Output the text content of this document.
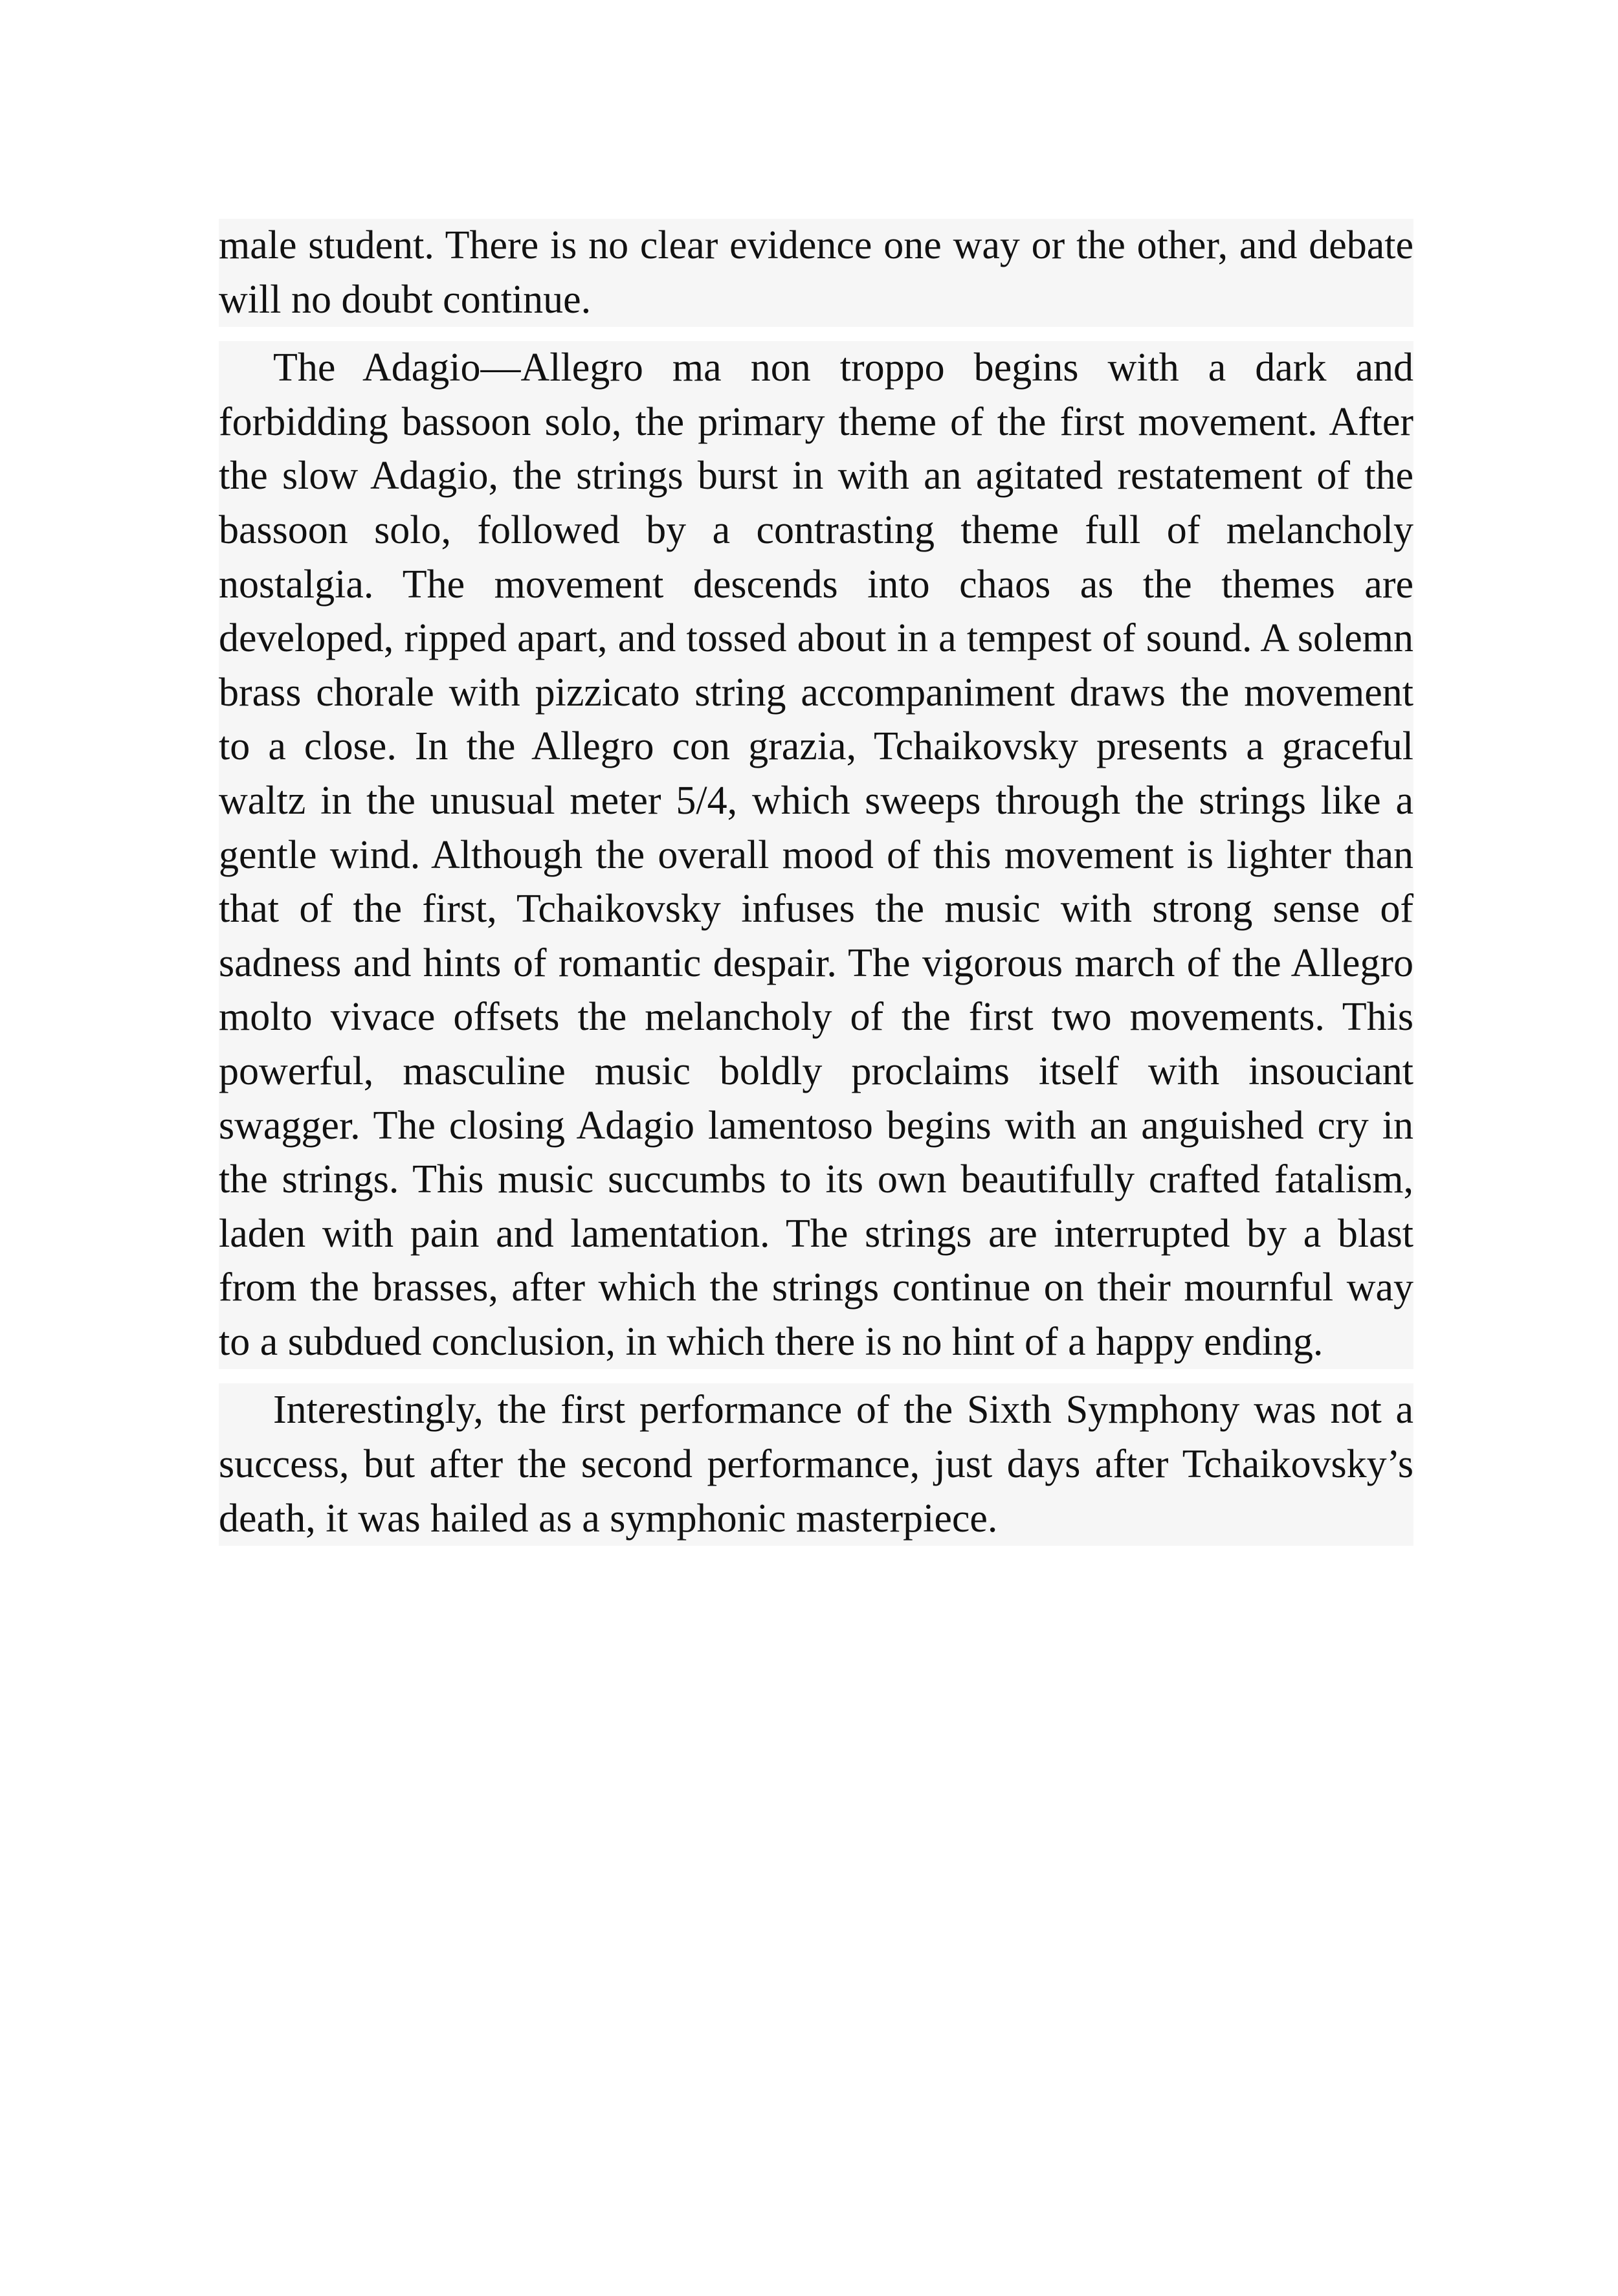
male student. There is no clear evidence one way or the other, and debate will no doubt continue.

The Adagio—Allegro ma non troppo begins with a dark and forbidding bassoon solo, the primary theme of the first movement. After the slow Adagio, the strings burst in with an agitated restatement of the bassoon solo, followed by a contrasting theme full of melancholy nostalgia. The movement descends into chaos as the themes are developed, ripped apart, and tossed about in a tempest of sound. A solemn brass chorale with pizzicato string accompaniment draws the movement to a close. In the Allegro con grazia, Tchaikovsky presents a graceful waltz in the unusual meter 5/4, which sweeps through the strings like a gentle wind. Although the overall mood of this movement is lighter than that of the first, Tchaikovsky infuses the music with strong sense of sadness and hints of romantic despair. The vigorous march of the Allegro molto vivace offsets the melancholy of the first two movements. This powerful, masculine music boldly proclaims itself with insouciant swagger. The closing Adagio lamentoso begins with an anguished cry in the strings. This music succumbs to its own beautifully crafted fatalism, laden with pain and lamentation. The strings are interrupted by a blast from the brasses, after which the strings continue on their mournful way to a subdued conclusion, in which there is no hint of a happy ending.

Interestingly, the first performance of the Sixth Symphony was not a success, but after the second performance, just days after Tchaikovsky’s death, it was hailed as a symphonic masterpiece.
